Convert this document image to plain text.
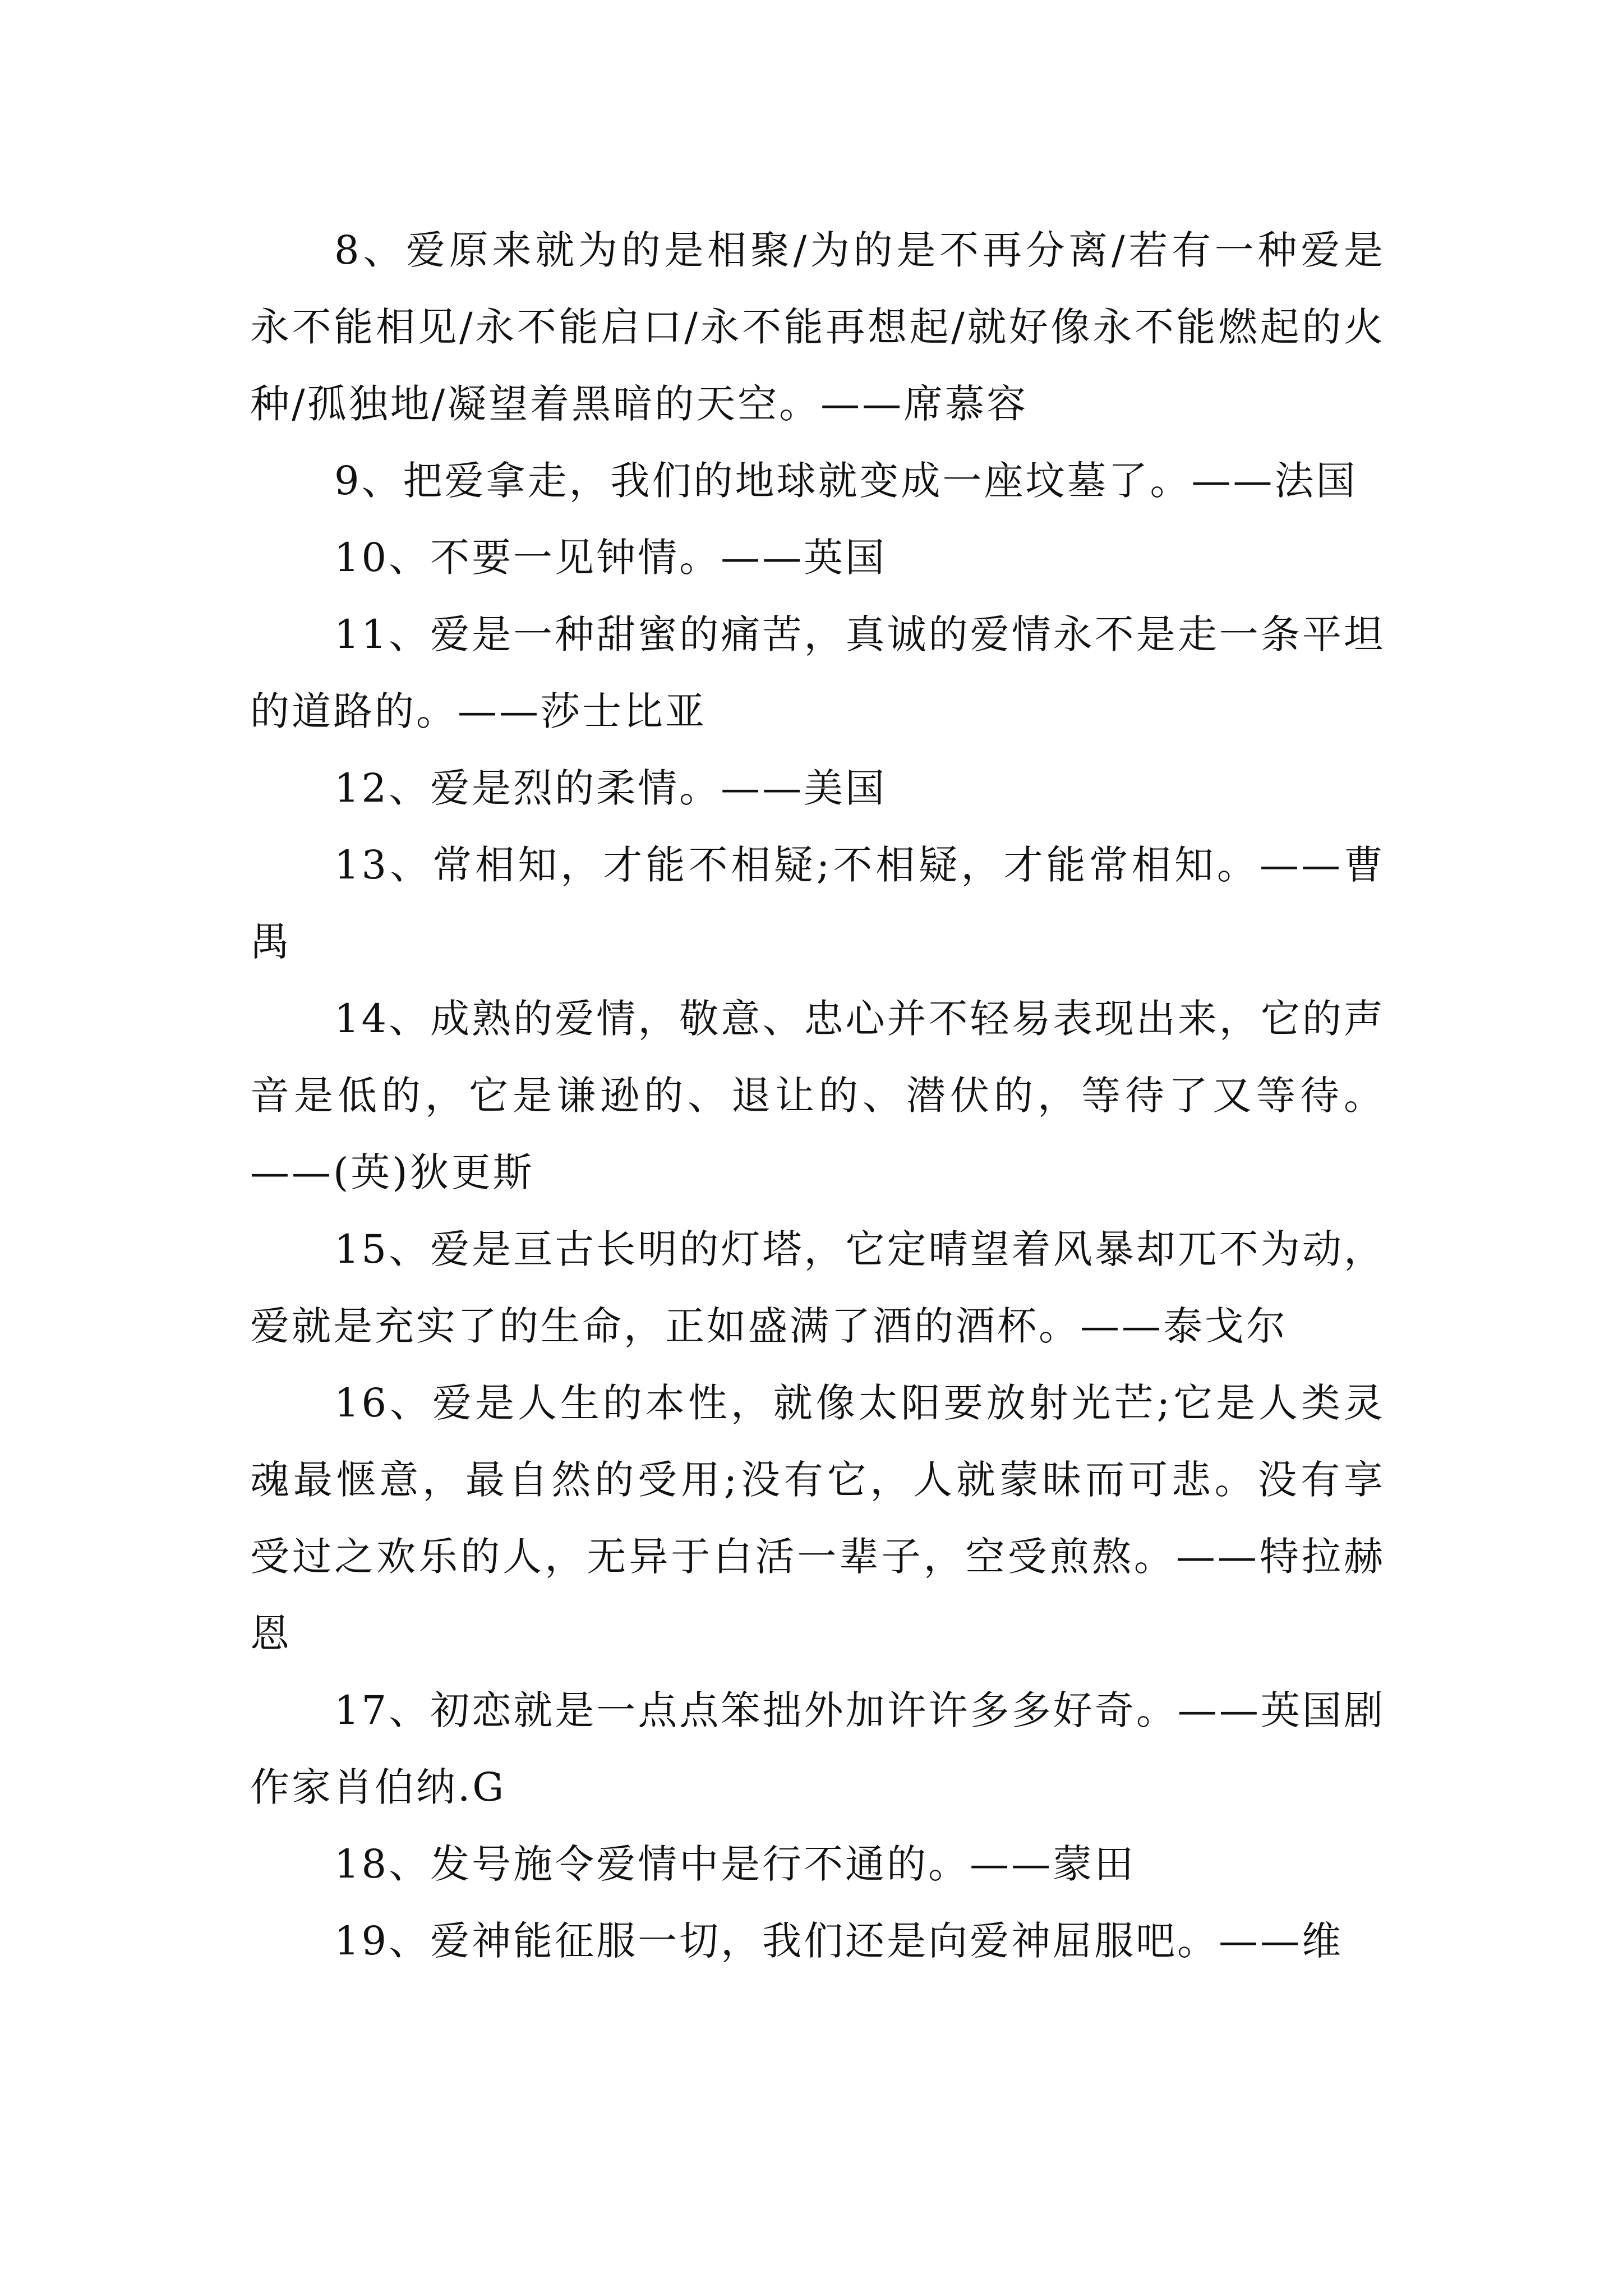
8、爱原来就为的是相聚/为的是不再分离/若有一种爱是永不能相见/永不能启口/永不能再想起/就好像永不能燃起的火种/孤独地/凝望着黑暗的天空。——席慕容

9、把爱拿走，我们的地球就变成一座坟墓了。——法国

10、不要一见钟情。——英国

11、爱是一种甜蜜的痛苦，真诚的爱情永不是走一条平坦的道路的。——莎士比亚

12、爱是烈的柔情。——美国

13、常相知，才能不相疑;不相疑，才能常相知。——曹禺

14、成熟的爱情，敬意、忠心并不轻易表现出来，它的声音是低的，它是谦逊的、退让的、潜伏的，等待了又等待。——(英)狄更斯

15、爱是亘古长明的灯塔，它定晴望着风暴却兀不为动，爱就是充实了的生命，正如盛满了酒的酒杯。——泰戈尔

16、爱是人生的本性，就像太阳要放射光芒;它是人类灵魂最惬意，最自然的受用;没有它，人就蒙昧而可悲。没有享受过之欢乐的人，无异于白活一辈子，空受煎熬。——特拉赫恩

17、初恋就是一点点笨拙外加许许多多好奇。——英国剧作家肖伯纳.G

18、发号施令爱情中是行不通的。——蒙田

19、爱神能征服一切，我们还是向爱神屈服吧。——维
